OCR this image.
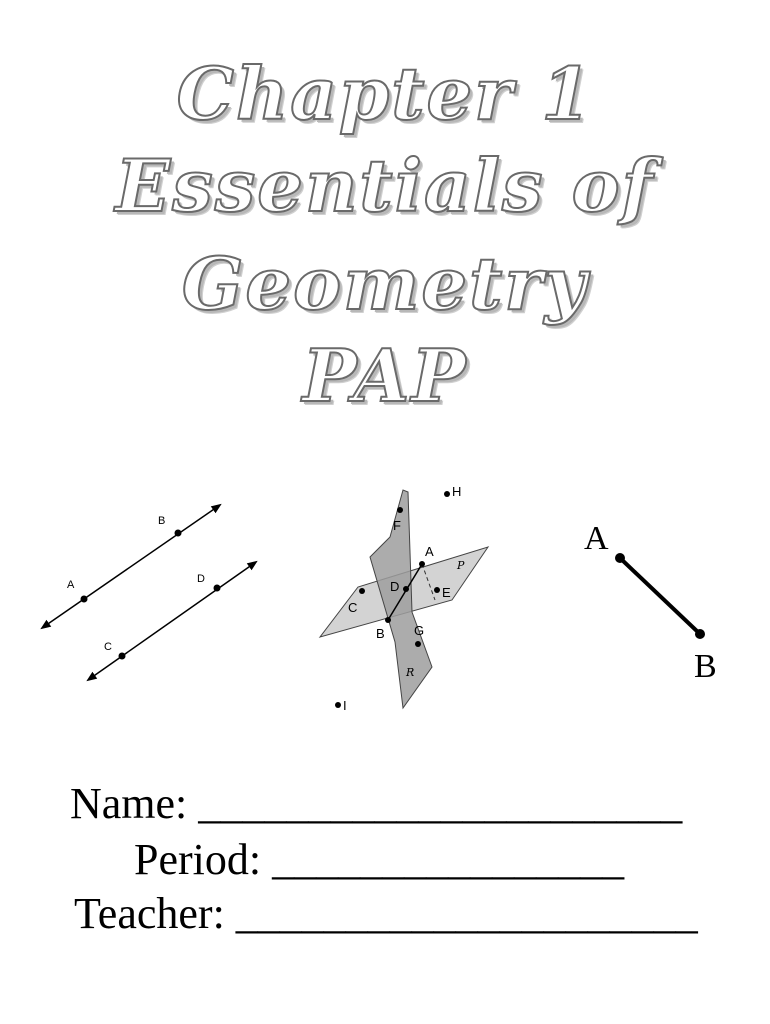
Chapter 1
Essentials of
Geometry
PAP
A
B
C
D
A
B
C
D	E
F
G
H
I
P
R
A
B
Name: ______________________
Period: ________________
Teacher: _____________________
